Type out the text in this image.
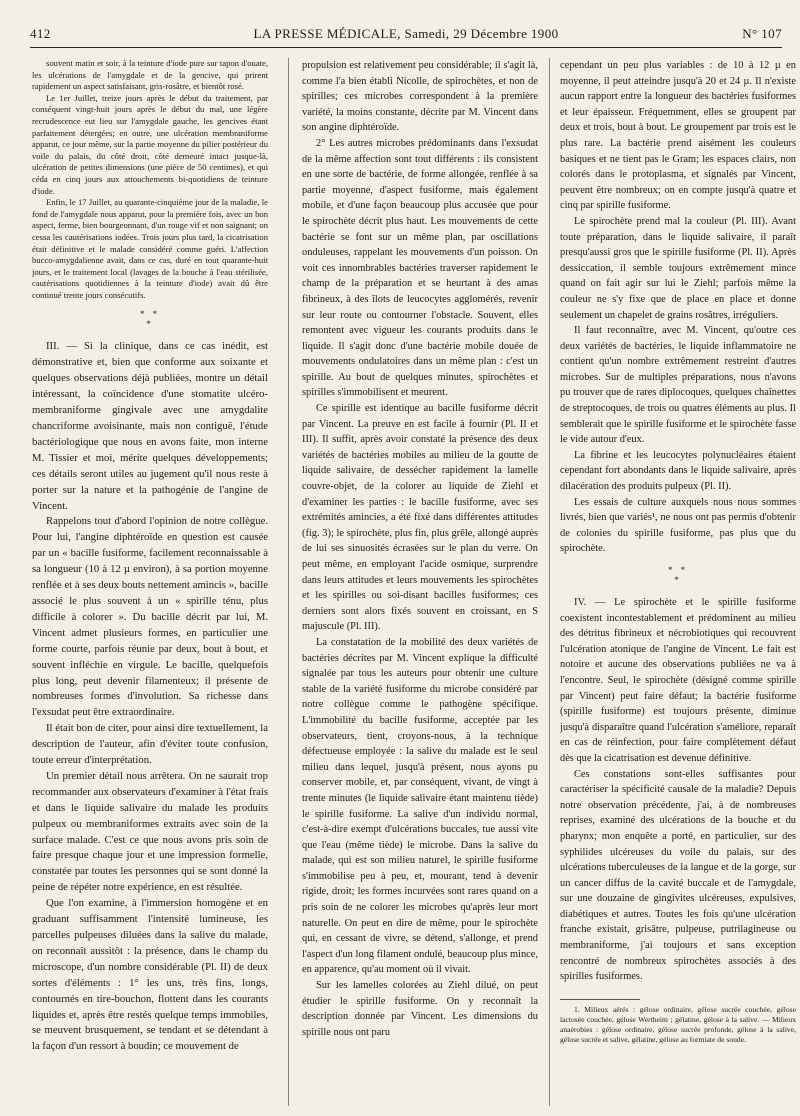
412	LA PRESSE MÉDICALE, Samedi, 29 Décembre 1900	N° 107

souvent matin et soir, à la teinture d'iode pure sur tapon d'ouate, les ulcérations de l'amygdale et de la gencive, qui prirent rapidement un aspect satisfaisant, gris-rosâtre, et bientôt rosé.

Le 1er Juillet, treize jours après le début du traitement, par conséquent vingt-huit jours après le début du mal, une légère recrudescence eut lieu sur l'amygdale gauche, les gencives étant parfaitement détergées; en outre, une ulcération membraniforme apparut, ce jour même, sur la partie moyenne du pilier postérieur du voile du palais, du côté droit, côté demeuré intact jusque-là, ulcération de petites dimensions (une pièce de 50 centimes), et qui céda en cinq jours aux attouchements bi-quotidiens de teinture d'iode.

Enfin, le 17 Juillet, au quarante-cinquième jour de la maladie, le fond de l'amygdale nous apparut, pour la première fois, avec un bon aspect, ferme, bien bourgeonnant, d'un rouge vif et non saignant; on cessa les cautérisations iodées. Trois jours plus tard, la cicatrisation était définitive et le malade considéré comme guéri. L'affection bucco-amygdalienne avait, dans ce cas, duré en tout quarante-huit jours, et le traitement local (lavages de la bouche à l'eau stérilisée, cautérisations quotidiennes à la teinture d'iode) avait dû être continué trente jours consécutifs.

* *
*

III. — Si la clinique, dans ce cas inédit, est démonstrative et, bien que conforme aux soixante et quelques observations déjà publiées, montre un détail intéressant, la coïncidence d'une stomatite ulcéro-membraniforme gingivale avec une amygdalite chancriforme avoisinante, mais non contiguë, l'étude bactériologique que nous en avons faite, mon interne M. Tissier et moi, mérite quelques développements; ces détails seront utiles au jugement qu'il nous reste à porter sur la nature et la pathogénie de l'angine de Vincent.

Rappelons tout d'abord l'opinion de notre collègue. Pour lui, l'angine diphtéroïde en question est causée par un « bacille fusiforme, facilement reconnaissable à sa longueur (10 à 12 µ environ), à sa portion moyenne renflée et à ses deux bouts nettement amincis », bacille associé le plus souvent à un « spirille ténu, plus difficile à colorer ». Du bacille décrit par lui, M. Vincent admet plusieurs formes, en particulier une forme courte, parfois réunie par deux, bout à bout, et souvent infléchie en virgule. Le bacille, quelquefois plus long, peut devenir filamenteux; il présente de nombreuses formes d'involution. Sa richesse dans l'exsudat peut être extraordinaire.

Il était bon de citer, pour ainsi dire textuellement, la description de l'auteur, afin d'éviter toute confusion, toute erreur d'interprétation.

Un premier détail nous arrêtera. On ne saurait trop recommander aux observateurs d'examiner à l'état frais et dans le liquide salivaire du malade les produits pulpeux ou membraniformes extraits avec soin de la surface malade. C'est ce que nous avons pris soin de faire presque chaque jour et une impression formelle, constatée par toutes les personnes qui se sont donné la peine de répéter notre expérience, en est résultée.

Que l'on examine, à l'immersion homogène et en graduant suffisamment l'intensité lumineuse, les parcelles pulpeuses diluées dans la salive du malade, on reconnaît aussitôt : la présence, dans le champ du microscope, d'un nombre considérable (Pl. II) de deux sortes d'éléments : 1° les uns, très fins, longs, contournés en tire-bouchon, flottent dans les courants liquides et, après être restés quelque temps immobiles, se meuvent brusquement, se tendant et se détendant à la façon d'un ressort à boudin; ce mouvement de

propulsion est relativement peu considérable; il s'agit là, comme l'a bien établi Nicolle, de spirochètes, et non de spirilles; ces microbes correspondent à la première variété, la moins constante, décrite par M. Vincent dans son angine diphtéroïde.

2° Les autres microbes prédominants dans l'exsudat de la même affection sont tout différents : ils consistent en une sorte de bactérie, de forme allongée, renflée à sa partie moyenne, d'aspect fusiforme, mais également mobile, et d'une façon beaucoup plus accusée que pour le spirochète décrit plus haut. Les mouvements de cette bactérie se font sur un même plan, par oscillations onduleuses, rappelant les mouvements d'un poisson. On voit ces innombrables bactéries traverser rapidement le champ de la préparation et se heurtant à des amas fibrineux, à des îlots de leucocytes agglomérés, revenir sur leur route ou contourner l'obstacle. Souvent, elles remontent avec vigueur les courants produits dans le liquide. Il s'agit donc d'une bactérie mobile douée de mouvements ondulatoires dans un même plan : c'est un spirille. Au bout de quelques minutes, spirochètes et spirilles s'immobilisent et meurent.

Ce spirille est identique au bacille fusiforme décrit par Vincent. La preuve en est facile à fournir (Pl. II et III). Il suffit, après avoir constaté la présence des deux variétés de bactéries mobiles au milieu de la goutte de liquide salivaire, de dessécher rapidement la lamelle couvre-objet, de la colorer au liquide de Ziehl et d'examiner les parties : le bacille fusiforme, avec ses extrémités amincies, a été fixé dans différentes attitudes (fig. 3); le spirochète, plus fin, plus grêle, allongé auprès de lui ses sinuosités écrasées sur le plan du verre. On peut même, en employant l'acide osmique, surprendre dans leurs attitudes et leurs mouvements les spirochètes et les spirilles ou soi-disant bacilles fusiformes; ces derniers sont alors fixés souvent en croissant, en S majuscule (Pl. III).

La constatation de la mobilité des deux variétés de bactéries décrites par M. Vincent explique la difficulté signalée par tous les auteurs pour obtenir une culture stable de la variété fusiforme du microbe considéré par notre collègue comme le pathogène spécifique. L'immobilité du bacille fusiforme, acceptée par les observateurs, tient, croyons-nous, à la technique défectueuse employée : la salive du malade est le seul milieu dans lequel, jusqu'à présent, nous ayons pu conserver mobile, et, par conséquent, vivant, de vingt à trente minutes (le liquide salivaire étant maintenu tiède) le spirille fusiforme. La salive d'un individu normal, c'est-à-dire exempt d'ulcérations buccales, tue aussi vite que l'eau (même tiède) le microbe. Dans la salive du malade, qui est son milieu naturel, le spirille fusiforme s'immobilise peu à peu, et, mourant, tend à devenir rigide, droit; les formes incurvées sont rares quand on a pris soin de ne colorer les microbes qu'après leur mort naturelle. On peut en dire de même, pour le spirochète qui, en cessant de vivre, se détend, s'allonge, et prend l'aspect d'un long filament ondulé, beaucoup plus mince, en apparence, qu'au moment où il vivait.

Sur les lamelles colorées au Ziehl dilué, on peut étudier le spirille fusiforme. On y reconnaît la description donnée par Vincent. Les dimensions du spirille nous ont paru

cependant un peu plus variables : de 10 à 12 µ en moyenne, il peut atteindre jusqu'à 20 et 24 µ. Il n'existe aucun rapport entre la longueur des bactéries fusiformes et leur épaisseur. Fréquemment, elles se groupent par deux et trois, bout à bout. Le groupement par trois est le plus rare. La bactérie prend aisément les couleurs basiques et ne tient pas le Gram; les espaces clairs, non colorés dans le protoplasma, et signalés par Vincent, peuvent être nombreux; on en compte jusqu'à quatre et cinq par spirille fusiforme.

Le spirochète prend mal la couleur (Pl. III). Avant toute préparation, dans le liquide salivaire, il paraît presqu'aussi gros que le spirille fusiforme (Pl. II). Après dessiccation, il semble toujours extrêmement mince quand on fait agir sur lui le Ziehl; parfois même la couleur ne s'y fixe que de place en place et donne seulement un chapelet de grains rosâtres, irréguliers.

Il faut reconnaître, avec M. Vincent, qu'outre ces deux variétés de bactéries, le liquide inflammatoire ne contient qu'un nombre extrêmement restreint d'autres microbes. Sur de multiples préparations, nous n'avons pu trouver que de rares diplocoques, quelques chaînettes de streptocoques, de trois ou quatres éléments au plus. Il semblerait que le spirille fusiforme et le spirochète fasse le vide autour d'eux.

La fibrine et les leucocytes polynucléaires étaient cependant fort abondants dans le liquide salivaire, après dilacération des produits pulpeux (Pl. II).

Les essais de culture auxquels nous nous sommes livrés, bien que variés¹, ne nous ont pas permis d'obtenir de colonies du spirille fusiforme, pas plus que du spirochète.

* *
*

IV. — Le spirochète et le spirille fusiforme coexistent incontestablement et prédominent au milieu des détritus fibrineux et nécrobiotiques qui recouvrent l'ulcération atonique de l'angine de Vincent. Le fait est notoire et aucune des observations publiées ne va à l'encontre. Seul, le spirochète (désigné comme spirille par Vincent) peut faire défaut; la bactérie fusiforme (spirille fusiforme) est toujours présente, diminue jusqu'à disparaître quand l'ulcération s'améliore, reparaît en cas de réinfection, pour faire complètement défaut dès que la cicatrisation est devenue définitive.

Ces constations sont-elles suffisantes pour caractériser la spécificité causale de la maladie? Depuis notre observation précédente, j'ai, à de nombreuses reprises, examiné des ulcérations de la bouche et du pharynx; mon enquête a porté, en particulier, sur des syphilides ulcéreuses du voile du palais, sur des ulcérations tuberculeuses de la langue et de la gorge, sur un cancer diffus de la cavité buccale et de l'amygdale, sur une douzaine de gingivites ulcéreuses, expulsives, diabétiques et autres. Toutes les fois qu'une ulcération franche existait, grisâtre, pulpeuse, putrilagineuse ou membraniforme, j'ai toujours et sans exception rencontré de nombreux spirochètes associés à des spirilles fusiformes.

1. Milieux aérés : gélose ordinaire, gélose sucrée couchée, gélose lactosée couchée, gélose Wertheim ; gélatine, gélose à la salive. — Milieux anaérobies : gélose ordinaire, gélose sucrée profonde, gélose à la salive, gélose sucrée et salive, gélatine, gélose au formiate de soude.
